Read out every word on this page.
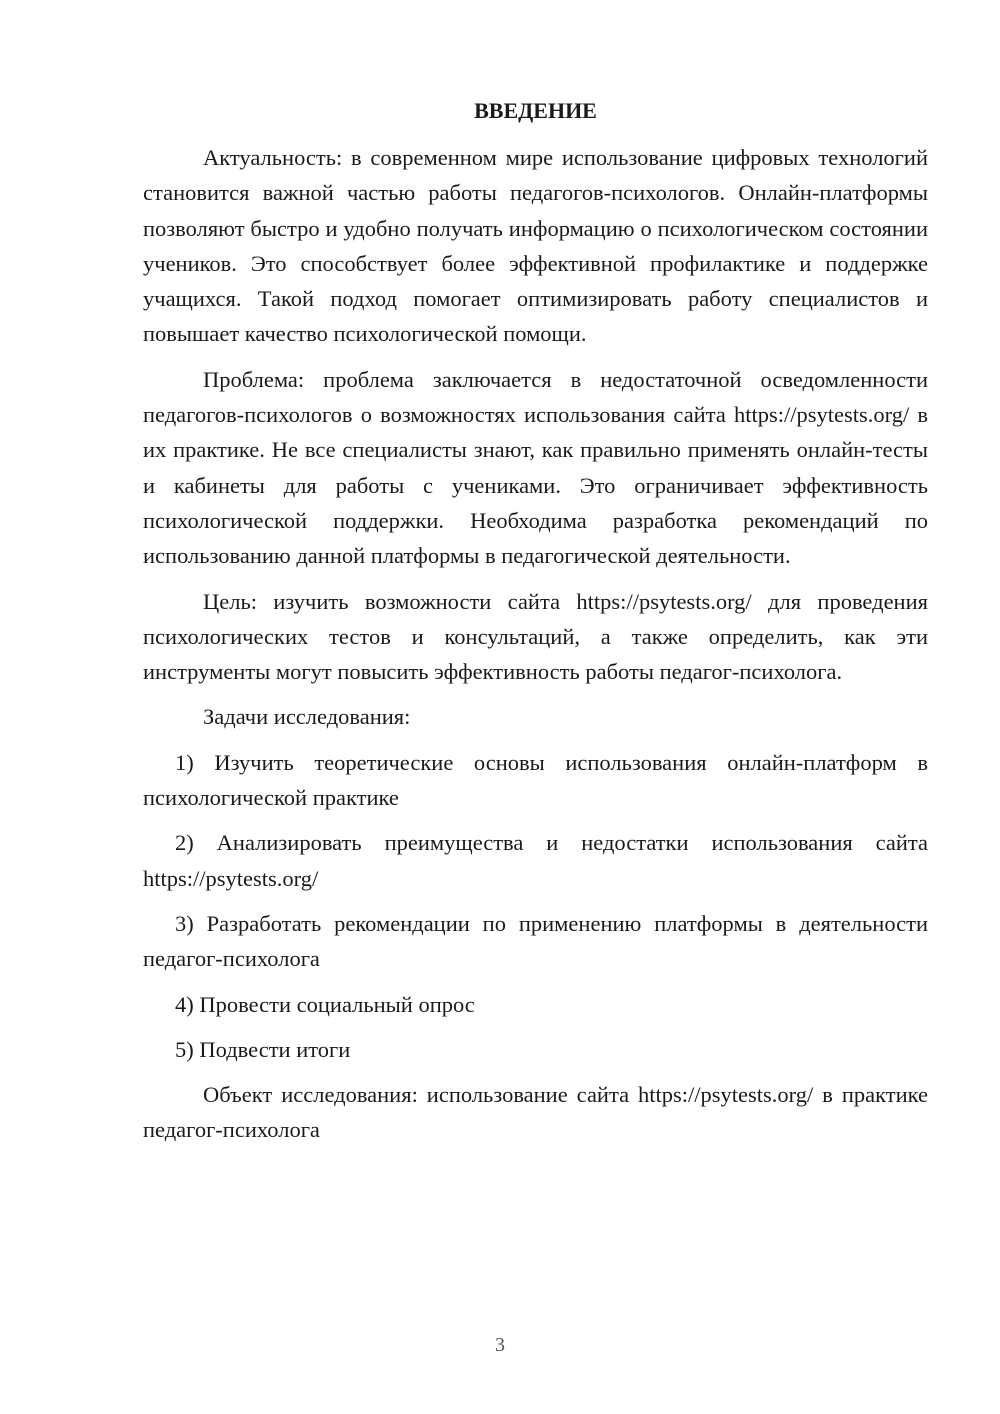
ВВЕДЕНИЕ

Актуальность: в современном мире использование цифровых технологий становится важной частью работы педагогов-психологов. Онлайн-платформы позволяют быстро и удобно получать информацию о психологическом состоянии учеников. Это способствует более эффективной профилактике и поддержке учащихся. Такой подход помогает оптимизировать работу специалистов и повышает качество психологической помощи.

Проблема: проблема заключается в недостаточной осведомленности педагогов-психологов о возможностях использования сайта https://psytests.org/ в их практике. Не все специалисты знают, как правильно применять онлайн-тесты и кабинеты для работы с учениками. Это ограничивает эффективность психологической поддержки. Необходима разработка рекомендаций по использованию данной платформы в педагогической деятельности.

Цель: изучить возможности сайта https://psytests.org/ для проведения психологических тестов и консультаций, а также определить, как эти инструменты могут повысить эффективность работы педагог-психолога.

Задачи исследования:

1) Изучить теоретические основы использования онлайн-платформ в психологической практике

2) Анализировать преимущества и недостатки использования сайта https://psytests.org/

3) Разработать рекомендации по применению платформы в деятельности педагог-психолога

4) Провести социальный опрос

5) Подвести итоги

Объект исследования: использование сайта https://psytests.org/ в практике педагог-психолога

3
